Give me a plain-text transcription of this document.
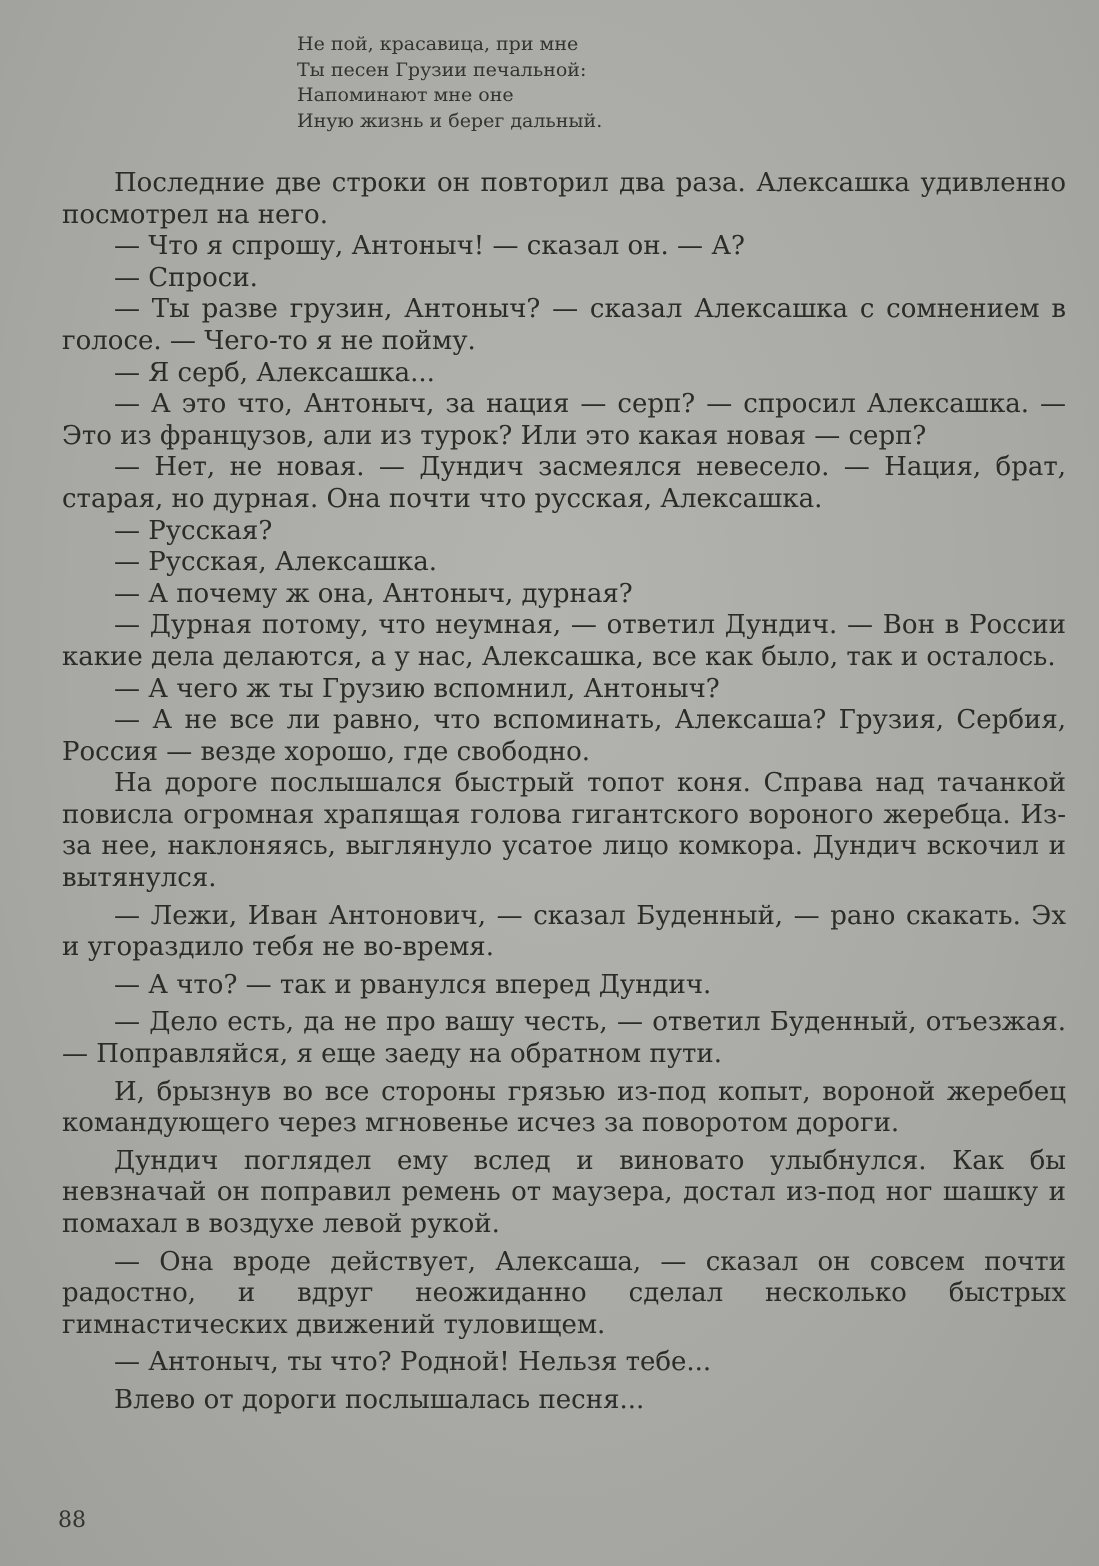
Не пой, красавица, при мне
Ты песен Грузии печальной:
Напоминают мне оне
Иную жизнь и берег дальный.

Последние две строки он повторил два раза. Алексашка удивленно посмотрел на него.

— Что я спрошу, Антоныч! — сказал он. — А?

— Спроси.

— Ты разве грузин, Антоныч? — сказал Алексашка с сомнением в голосе. — Чего-то я не пойму.

— Я серб, Алексашка...

— А это что, Антоныч, за нация — серп? — спросил Алексашка. — Это из французов, али из турок? Или это какая новая — серп?

— Нет, не новая. — Дундич засмеялся невесело. — Нация, брат, старая, но дурная. Она почти что русская, Алексашка.

— Русская?

— Русская, Алексашка.

— А почему ж она, Антоныч, дурная?

— Дурная потому, что неумная, — ответил Дундич. — Вон в России какие дела делаются, а у нас, Алексашка, все как было, так и осталось.

— А чего ж ты Грузию вспомнил, Антоныч?

— А не все ли равно, что вспоминать, Алексаша? Грузия, Сербия, Россия — везде хорошо, где свободно.

На дороге послышался быстрый топот коня. Справа над тачанкой повисла огромная храпящая голова гигантского вороного жеребца. Из-за нее, наклоняясь, выглянуло усатое лицо комкора. Дундич вскочил и вытянулся.

— Лежи, Иван Антонович, — сказал Буденный, — рано скакать. Эх и угораздило тебя не во-время.

— А что? — так и рванулся вперед Дундич.

— Дело есть, да не про вашу честь, — ответил Буденный, отъезжая. — Поправляйся, я еще заеду на обратном пути.

И, брызнув во все стороны грязью из-под копыт, вороной жеребец командующего через мгновенье исчез за поворотом дороги.

Дундич поглядел ему вслед и виновато улыбнулся. Как бы невзначай он поправил ремень от маузера, достал из-под ног шашку и помахал в воздухе левой рукой.

— Она вроде действует, Алексаша, — сказал он совсем почти радостно, и вдруг неожиданно сделал несколько быстрых гимнастических движений туловищем.

— Антоныч, ты что? Родной! Нельзя тебе...

Влево от дороги послышалась песня...

88
